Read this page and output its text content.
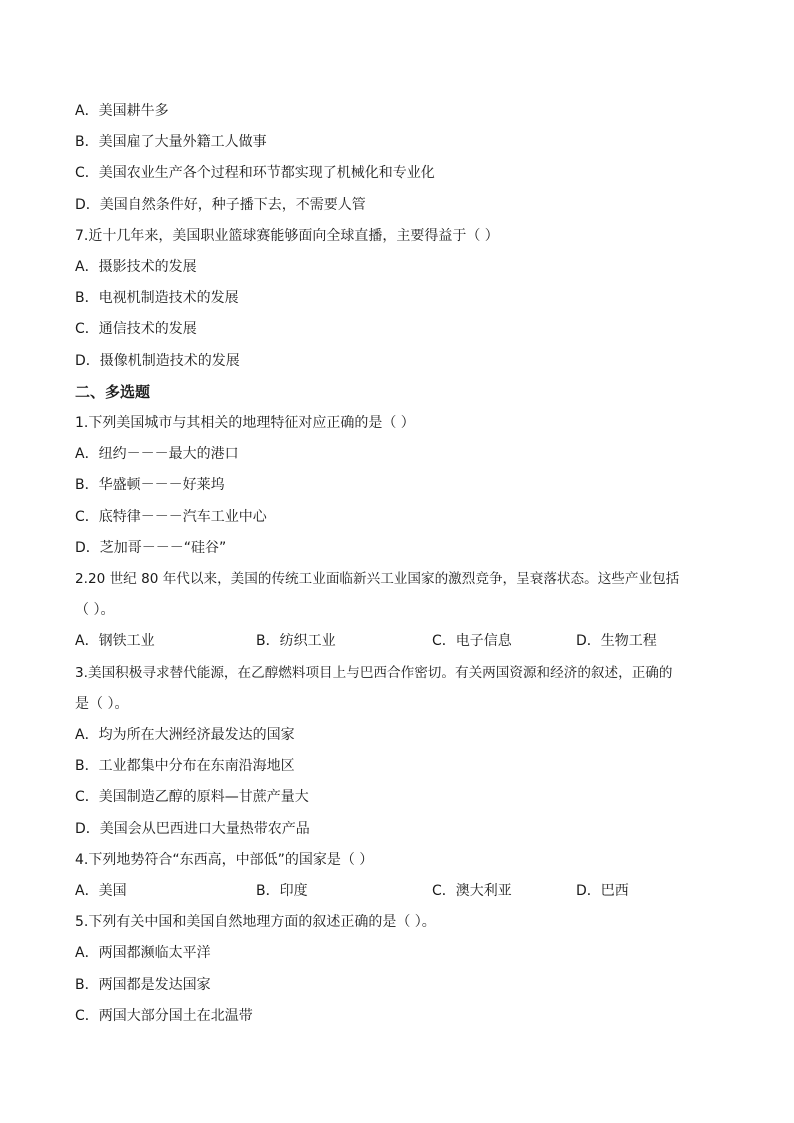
A．美国耕牛多
B．美国雇了大量外籍工人做事
C．美国农业生产各个过程和环节都实现了机械化和专业化
D．美国自然条件好，种子播下去，不需要人管
7.近十几年来，美国职业篮球赛能够面向全球直播，主要得益于（ ）
A．摄影技术的发展
B．电视机制造技术的发展
C．通信技术的发展
D．摄像机制造技术的发展
二、多选题
1.下列美国城市与其相关的地理特征对应正确的是（ ）
A．纽约－－－最大的港口
B．华盛顿－－－好莱坞
C．底特律－－－汽车工业中心
D．芝加哥－－－“硅谷”
2.20 世纪 80 年代以来，美国的传统工业面临新兴工业国家的激烈竞争，呈衰落状态。这些产业包括
（ ）。
A．钢铁工业	B．纺织工业	C．电子信息	D．生物工程
3.美国积极寻求替代能源，在乙醇燃料项目上与巴西合作密切。有关两国资源和经济的叙述，正确的
是（ ）。
A．均为所在大洲经济最发达的国家
B．工业都集中分布在东南沿海地区
C．美国制造乙醇的原料—甘蔗产量大
D．美国会从巴西进口大量热带农产品
4.下列地势符合“东西高，中部低”的国家是（ ）
A．美国	B．印度	C．澳大利亚	D．巴西
5.下列有关中国和美国自然地理方面的叙述正确的是（ ）。
A．两国都濒临太平洋
B．两国都是发达国家
C．两国大部分国土在北温带
